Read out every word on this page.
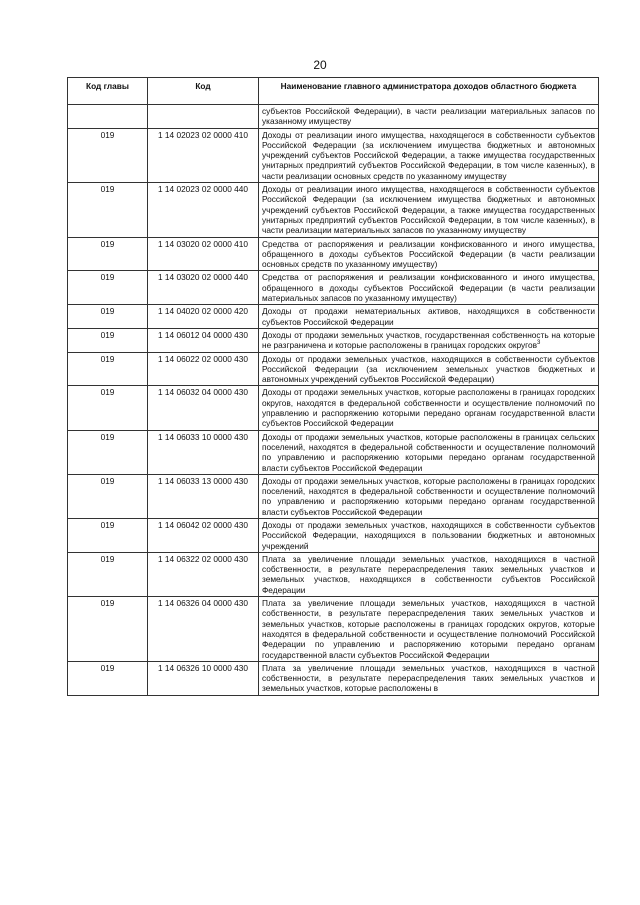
20
Код главы	Код	Наименование главного администратора доходов областного бюджета
		субъектов Российской Федерации), в части реализации материальных запасов по указанному имуществу
019	1 14 02023 02 0000 410	Доходы от реализации иного имущества, находящегося в собственности субъектов Российской Федерации (за исключением имущества бюджетных и автономных учреждений субъектов Российской Федерации, а также имущества государственных унитарных предприятий субъектов Российской Федерации, в том числе казенных), в части реализации основных средств по указанному имуществу
019	1 14 02023 02 0000 440	Доходы от реализации иного имущества, находящегося в собственности субъектов Российской Федерации (за исключением имущества бюджетных и автономных учреждений субъектов Российской Федерации, а также имущества государственных унитарных предприятий субъектов Российской Федерации, в том числе казенных), в части реализации материальных запасов по указанному имуществу
019	1 14 03020 02 0000 410	Средства от распоряжения и реализации конфискованного и иного имущества, обращенного в доходы субъектов Российской Федерации (в части реализации основных средств по указанному имуществу)
019	1 14 03020 02 0000 440	Средства от распоряжения и реализации конфискованного и иного имущества, обращенного в доходы субъектов Российской Федерации (в части реализации материальных запасов по указанному имуществу)
019	1 14 04020 02 0000 420	Доходы от продажи нематериальных активов, находящихся в собственности субъектов Российской Федерации
019	1 14 06012 04 0000 430	Доходы от продажи земельных участков, государственная собственность на которые не разграничена и которые расположены в границах городских округов$^3$
019	1 14 06022 02 0000 430	Доходы от продажи земельных участков, находящихся в собственности субъектов Российской Федерации (за исключением земельных участков бюджетных и автономных учреждений субъектов Российской Федерации)
019	1 14 06032 04 0000 430	Доходы от продажи земельных участков, которые расположены в границах городских округов, находятся в федеральной собственности и осуществление полномочий по управлению и распоряжению которыми передано органам государственной власти субъектов Российской Федерации
019	1 14 06033 10 0000 430	Доходы от продажи земельных участков, которые расположены в границах сельских поселений, находятся в федеральной собственности и осуществление полномочий по управлению и распоряжению которыми передано органам государственной власти субъектов Российской Федерации
019	1 14 06033 13 0000 430	Доходы от продажи земельных участков, которые расположены в границах городских поселений, находятся в федеральной собственности и осуществление полномочий по управлению и распоряжению которыми передано органам государственной власти субъектов Российской Федерации
019	1 14 06042 02 0000 430	Доходы от продажи земельных участков, находящихся в собственности субъектов Российской Федерации, находящихся в пользовании бюджетных и автономных учреждений
019	1 14 06322 02 0000 430	Плата за увеличение площади земельных участков, находящихся в частной собственности, в результате перераспределения таких земельных участков и земельных участков, находящихся в собственности субъектов Российской Федерации
019	1 14 06326 04 0000 430	Плата за увеличение площади земельных участков, находящихся в частной собственности, в результате перераспределения таких земельных участков и земельных участков, которые расположены в границах городских округов, которые находятся в федеральной собственности и осуществление полномочий Российской Федерации по управлению и распоряжению которыми передано органам государственной власти субъектов Российской Федерации
019	1 14 06326 10 0000 430	Плата за увеличение площади земельных участков, находящихся в частной собственности, в результате перераспределения таких земельных участков и земельных участков, которые расположены в
